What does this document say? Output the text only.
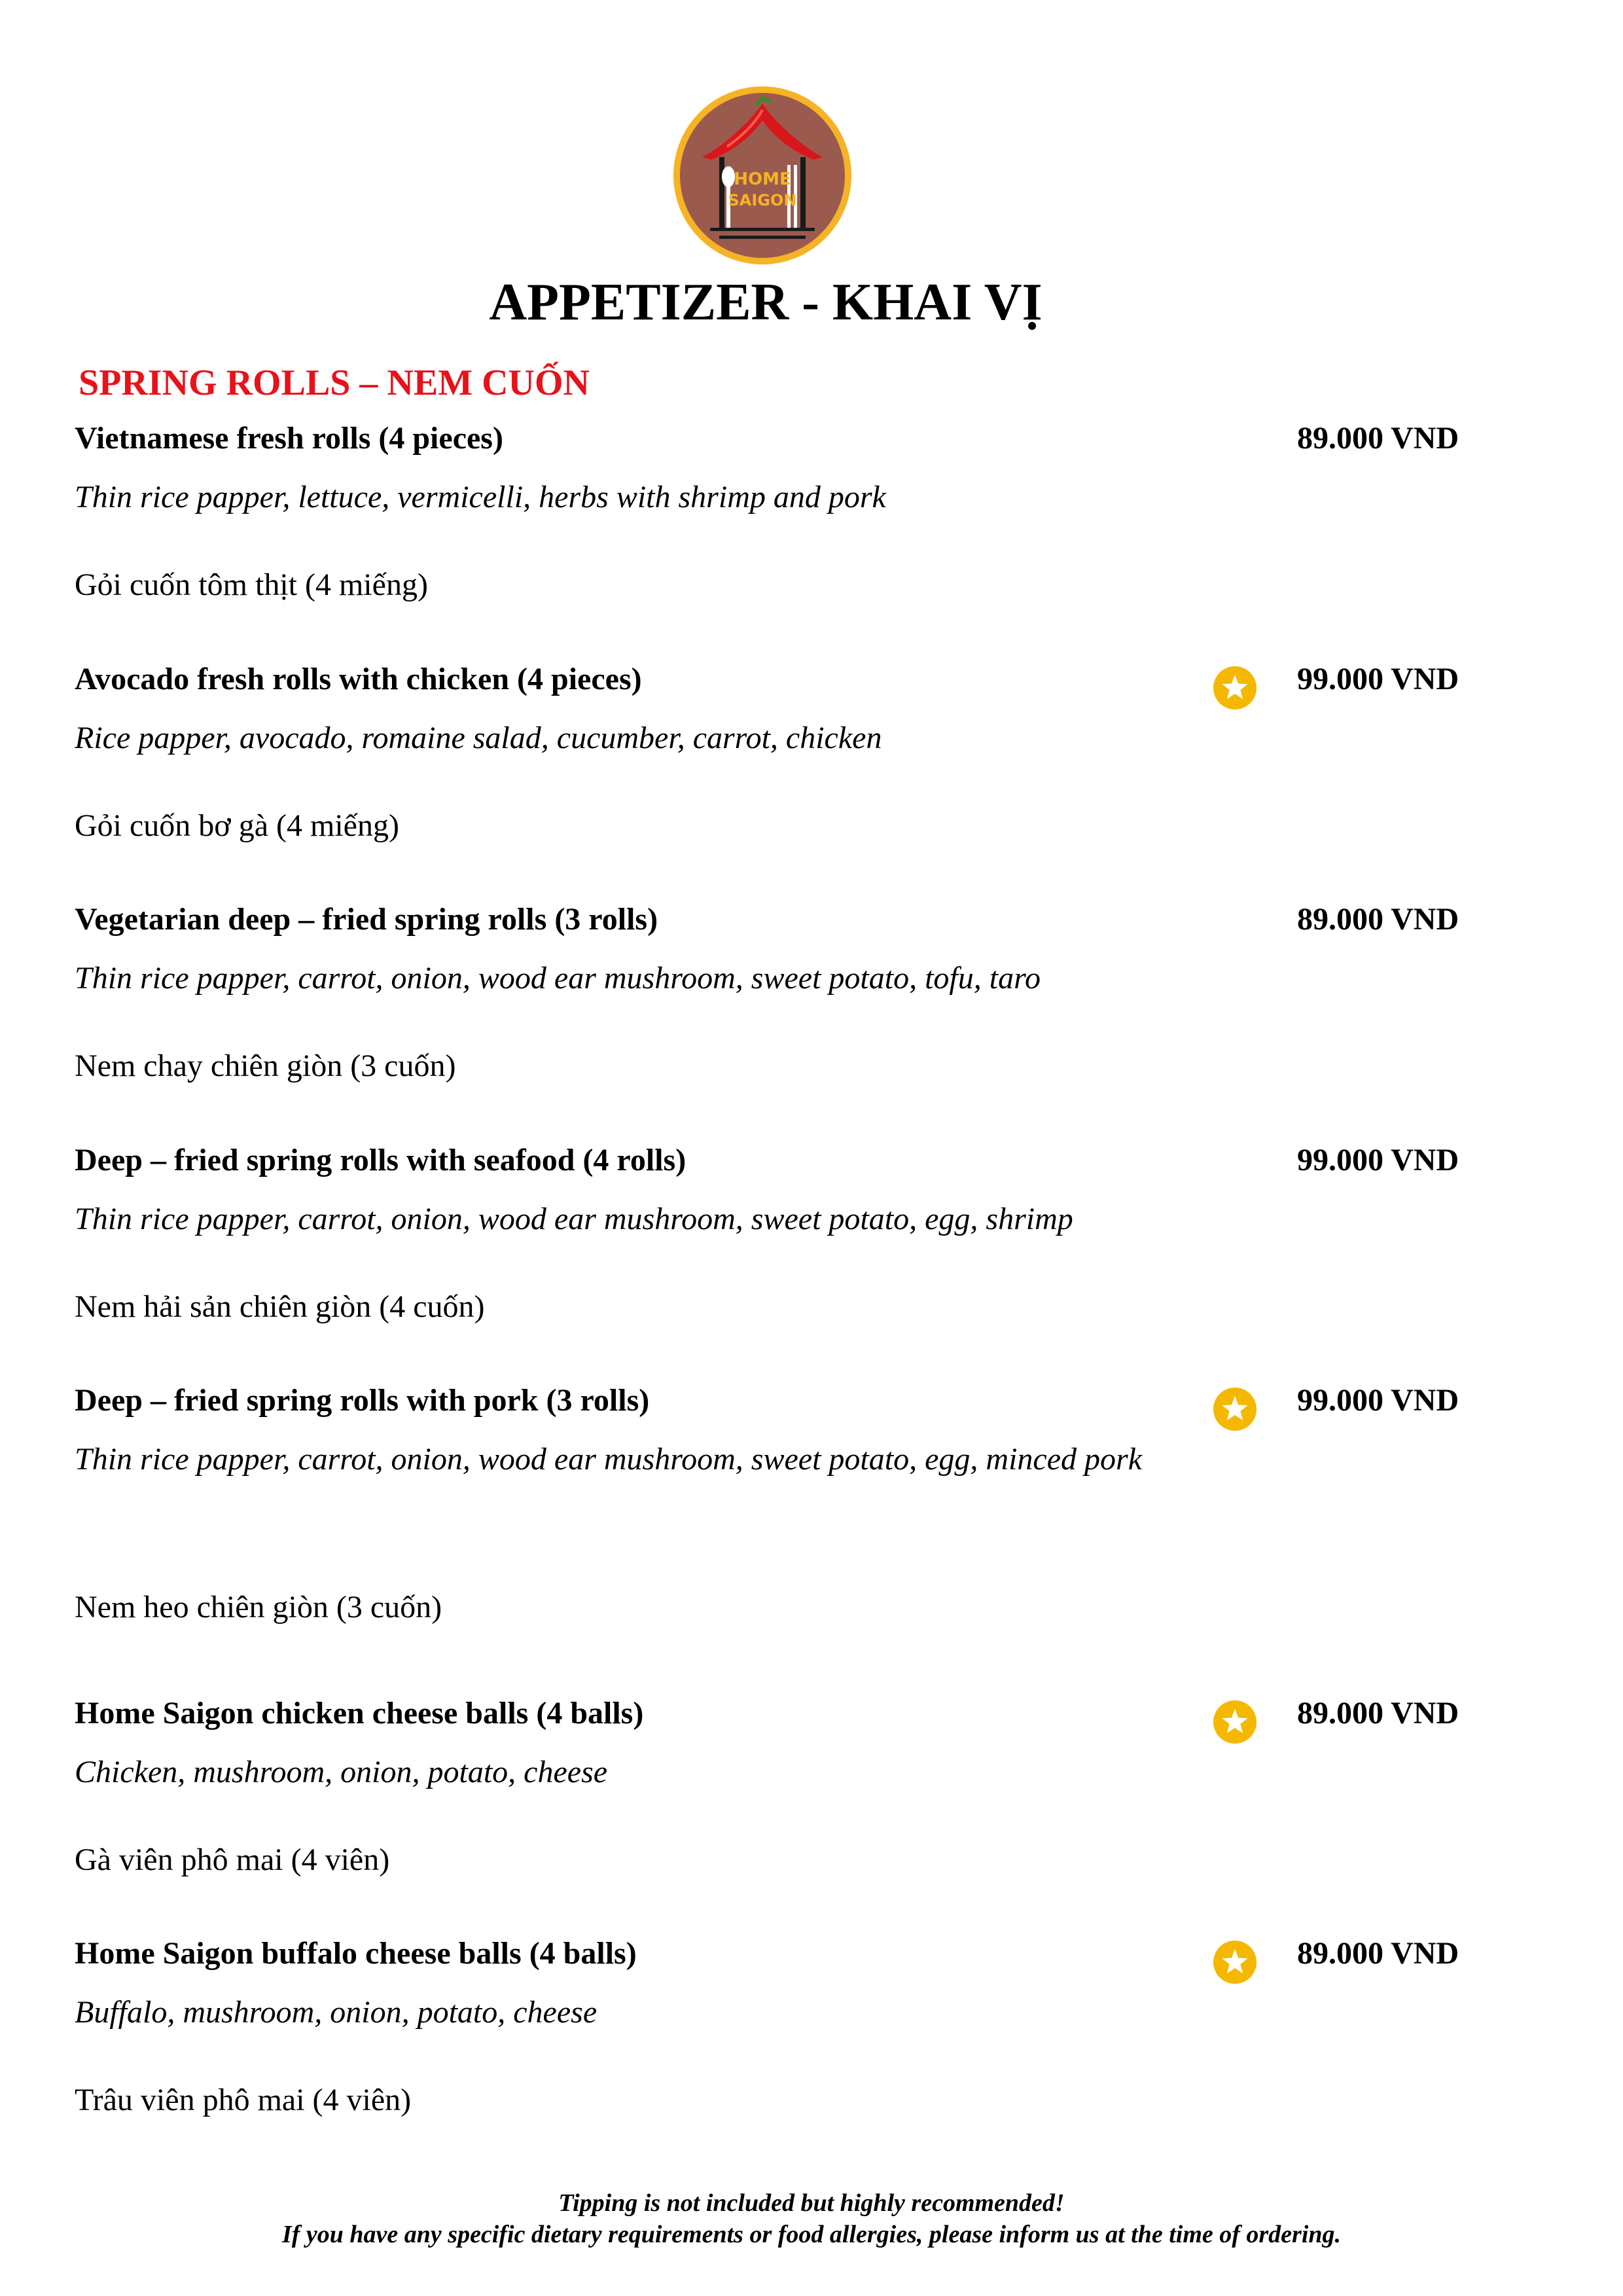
HOME
SAIGON
APPETIZER - KHAI VỊ
SPRING ROLLS – NEM CUỐN
Vietnamese fresh rolls (4 pieces)	89.000 VND
Thin rice papper, lettuce, vermicelli, herbs with shrimp and pork
Gỏi cuốn tôm thịt (4 miếng)
Avocado fresh rolls with chicken (4 pieces)	99.000 VND
Rice papper, avocado, romaine salad, cucumber, carrot, chicken
Gỏi cuốn bơ gà (4 miếng)
Vegetarian deep – fried spring rolls (3 rolls)	89.000 VND
Thin rice papper, carrot, onion, wood ear mushroom, sweet potato, tofu, taro
Nem chay chiên giòn (3 cuốn)
Deep – fried spring rolls with seafood (4 rolls)	99.000 VND
Thin rice papper, carrot, onion, wood ear mushroom, sweet potato, egg, shrimp
Nem hải sản chiên giòn (4 cuốn)
Deep – fried spring rolls with pork (3 rolls)	99.000 VND
Thin rice papper, carrot, onion, wood ear mushroom, sweet potato, egg, minced pork
Nem heo chiên giòn (3 cuốn)
Home Saigon chicken cheese balls (4 balls)	89.000 VND
Chicken, mushroom, onion, potato, cheese
Gà viên phô mai (4 viên)
Home Saigon buffalo cheese balls (4 balls)	89.000 VND
Buffalo, mushroom, onion, potato, cheese
Trâu viên phô mai (4 viên)
Tipping is not included but highly recommended!
If you have any specific dietary requirements or food allergies, please inform us at the time of ordering.
